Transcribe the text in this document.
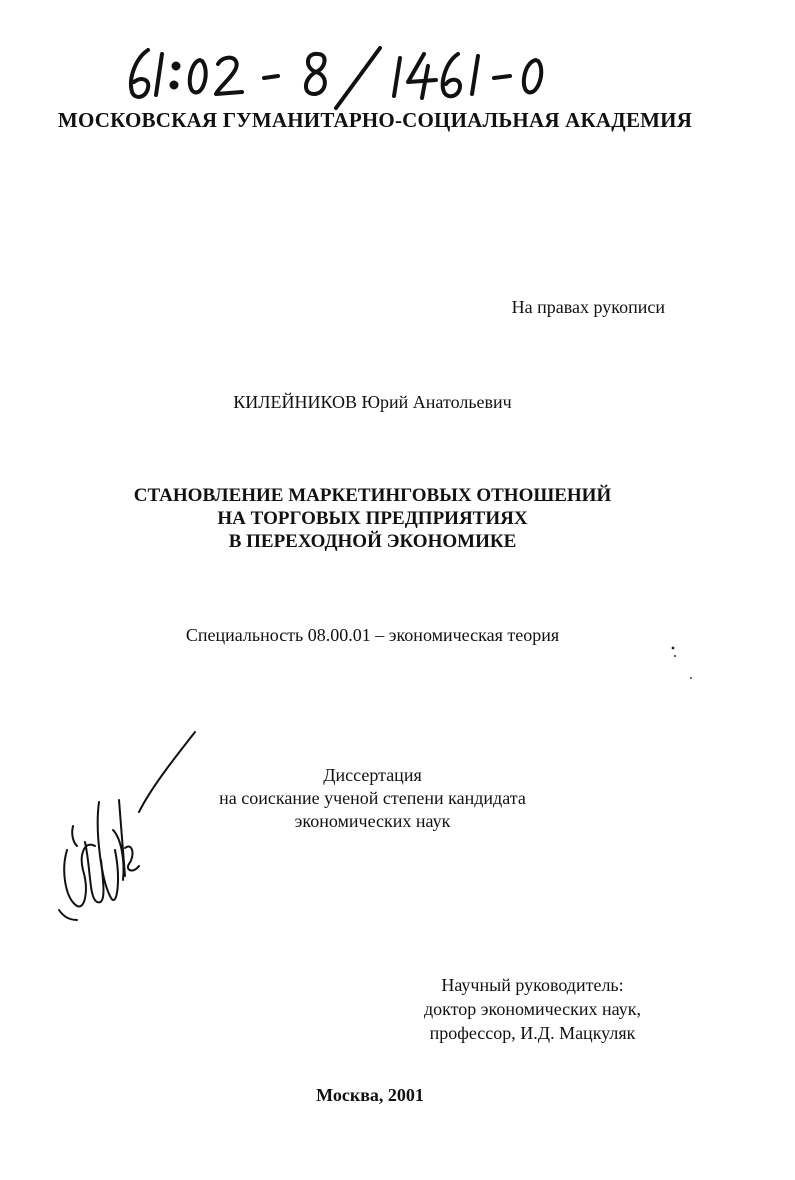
МОСКОВСКАЯ ГУМАНИТАРНО-СОЦИАЛЬНАЯ АКАДЕМИЯ
На правах рукописи
КИЛЕЙНИКОВ Юрий Анатольевич
СТАНОВЛЕНИЕ МАРКЕТИНГОВЫХ ОТНОШЕНИЙ
НА ТОРГОВЫХ ПРЕДПРИЯТИЯХ
В ПЕРЕХОДНОЙ ЭКОНОМИКЕ
Специальность 08.00.01 – экономическая теория
Диссертация
на соискание ученой степени кандидата
экономических наук
Научный руководитель:
доктор экономических наук,
профессор, И.Д. Мацкуляк
Москва, 2001
